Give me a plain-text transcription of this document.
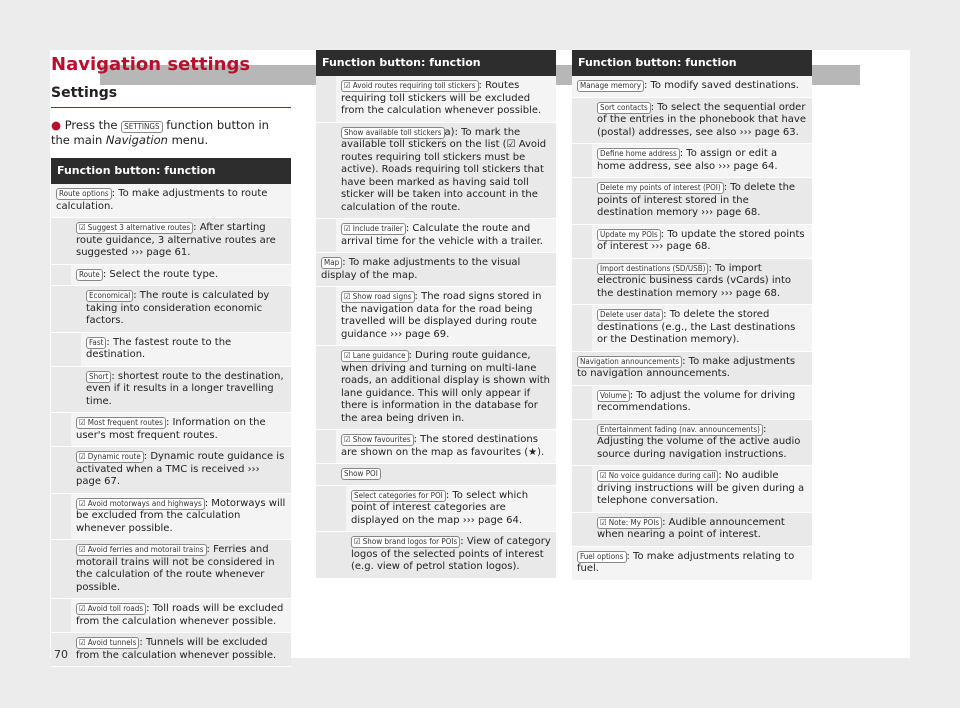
Navigation settings
Settings
● Press the SETTINGS function button in the main Navigation menu.
Function button: function
Route options : To make adjustments to route calculation.
☑ Suggest 3 alternative routes : After starting route guidance, 3 alternative routes are suggested ››› page 61.
Route : Select the route type.
Economical : The route is calculated by taking into consideration economic factors.
Fast : The fastest route to the destination.
Short : shortest route to the destination, even if it results in a longer travelling time.
☑ Most frequent routes : Information on the user's most frequent routes.
☑ Dynamic route : Dynamic route guidance is activated when a TMC is received ››› page 67.
☑ Avoid motorways and highways : Motorways will be excluded from the calculation whenever possible.
☑ Avoid ferries and motorail trains : Ferries and motorail trains will not be considered in the calculation of the route whenever possible.
☑ Avoid toll roads : Toll roads will be excluded from the calculation whenever possible.
☑ Avoid tunnels : Tunnels will be excluded from the calculation whenever possible.
Function button: function
☑ Avoid routes requiring toll stickers : Routes requiring toll stickers will be excluded from the calculation whenever possible.
Show available toll stickers a): To mark the available toll stickers on the list (☑ Avoid routes requiring toll stickers must be active). Roads requiring toll stickers that have been marked as having said toll sticker will be taken into account in the calculation of the route.
☑ Include trailer : Calculate the route and arrival time for the vehicle with a trailer.
Map : To make adjustments to the visual display of the map.
☑ Show road signs : The road signs stored in the navigation data for the road being travelled will be displayed during route guidance ››› page 69.
☑ Lane guidance : During route guidance, when driving and turning on multi-lane roads, an additional display is shown with lane guidance. This will only appear if there is information in the database for the area being driven in.
☑ Show favourites : The stored destinations are shown on the map as favourites (★).
Show POI
Select categories for POI : To select which point of interest categories are displayed on the map ››› page 64.
☑ Show brand logos for POIs : View of category logos of the selected points of interest (e.g. view of petrol station logos).
Function button: function
Manage memory : To modify saved destinations.
Sort contacts : To select the sequential order of the entries in the phonebook that have (postal) addresses, see also ››› page 63.
Define home address : To assign or edit a home address, see also ››› page 64.
Delete my points of interest (POI) : To delete the points of interest stored in the destination memory ››› page 68.
Update my POIs : To update the stored points of interest ››› page 68.
Import destinations (SD/USB) : To import electronic business cards (vCards) into the destination memory ››› page 68.
Delete user data : To delete the stored destinations (e.g., the Last destinations or the Destination memory).
Navigation announcements : To make adjustments to navigation announcements.
Volume : To adjust the volume for driving recommendations.
Entertainment fading (nav. announcements) : Adjusting the volume of the active audio source during navigation instructions.
☑ No voice guidance during call : No audible driving instructions will be given during a telephone conversation.
☑ Note: My POIs : Audible announcement when nearing a point of interest.
Fuel options : To make adjustments relating to fuel.
70
